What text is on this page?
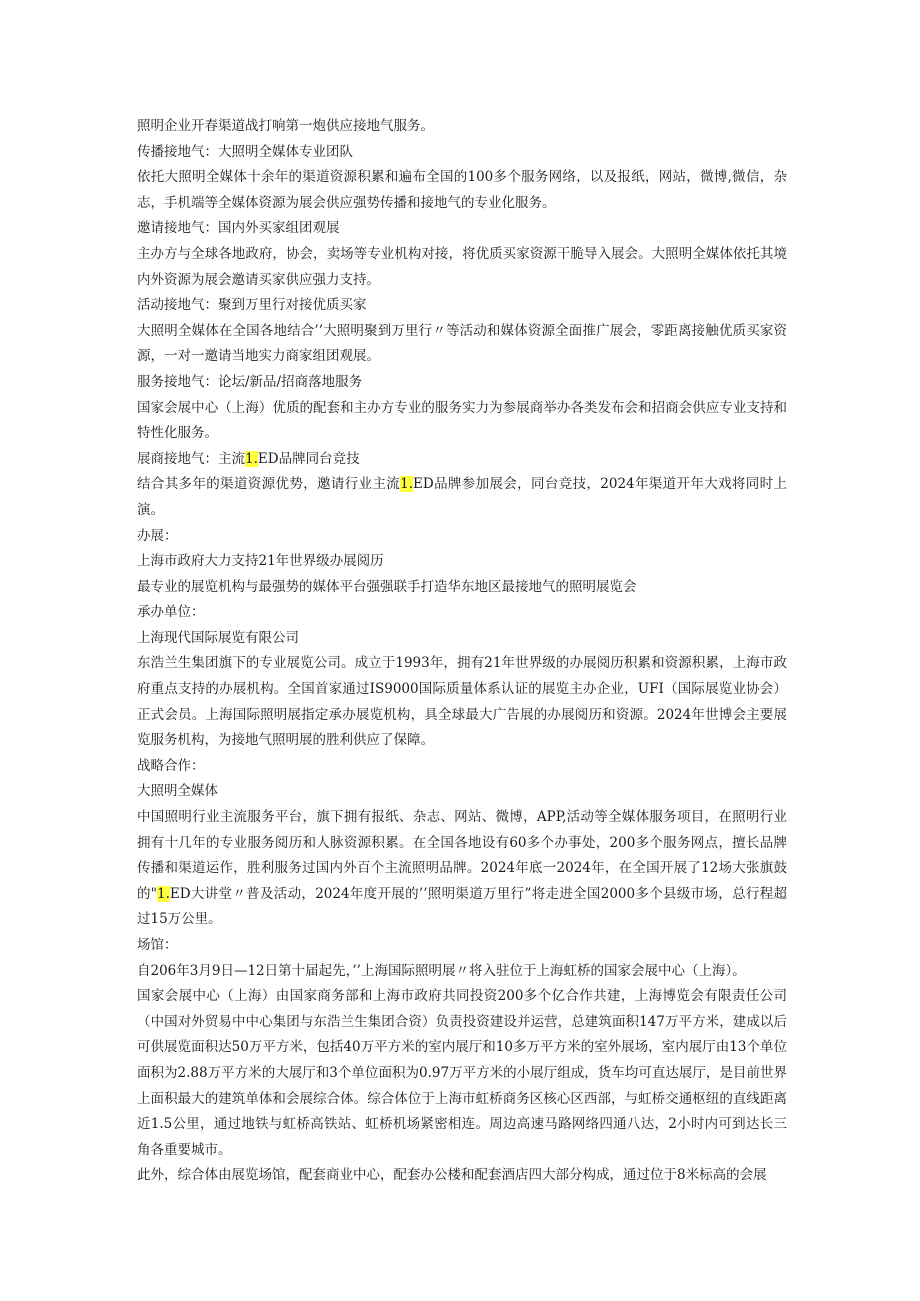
照明企业开春渠道战打响第一炮供应接地气服务。
传播接地气：大照明全媒体专业团队
依托大照明全媒体十余年的渠道资源积累和遍布全国的100多个服务网络，以及报纸，网站，微博,微信，杂志，手机端等全媒体资源为展会供应强势传播和接地气的专业化服务。
邀请接地气：国内外买家组团观展
主办方与全球各地政府，协会，卖场等专业机构对接，将优质买家资源干脆导入展会。大照明全媒体依托其境内外资源为展会邀请买家供应强力支持。
活动接地气：聚到万里行对接优质买家
大照明全媒体在全国各地结合’’大照明聚到万里行〃等活动和媒体资源全面推广展会，零距离接触优质买家资源，一对一邀请当地实力商家组团观展。
服务接地气：论坛/新品/招商落地服务
国家会展中心（上海）优质的配套和主办方专业的服务实力为参展商举办各类发布会和招商会供应专业支持和特性化服务。
展商接地气：主流1.ED品牌同台竞技
结合其多年的渠道资源优势，邀请行业主流1.ED品牌参加展会，同台竞技，2024年渠道开年大戏将同时上演。
办展：
上海市政府大力支持21年世界级办展阅历
最专业的展览机构与最强势的媒体平台强强联手打造华东地区最接地气的照明展览会
承办单位：
上海现代国际展览有限公司
东浩兰生集团旗下的专业展览公司。成立于1993年，拥有21年世界级的办展阅历积累和资源积累，上海市政府重点支持的办展机构。全国首家通过IS9000国际质量体系认证的展览主办企业，UFI（国际展览业协会）正式会员。上海国际照明展指定承办展览机构，具全球最大广告展的办展阅历和资源。2024年世博会主要展览服务机构，为接地气照明展的胜利供应了保障。
战略合作：
大照明全媒体
中国照明行业主流服务平台，旗下拥有报纸、杂志、网站、微博，APP,活动等全媒体服务项目，在照明行业拥有十几年的专业服务阅历和人脉资源积累。在全国各地设有60多个办事处，200多个服务网点，擅长品牌传播和渠道运作，胜利服务过国内外百个主流照明品牌。2024年底一2024年，在全国开展了12场大张旗鼓的"1.ED大讲堂〃普及活动，2024年度开展的’’照明渠道万里行”将走进全国2000多个县级市场，总行程超过15万公里。
场馆：
自206年3月9日—12日第十届起先，’’上海国际照明展〃将入驻位于上海虹桥的国家会展中心（上海）。
国家会展中心（上海）由国家商务部和上海市政府共同投资200多个亿合作共建，上海博览会有限责任公司（中国对外贸易中中心集团与东浩兰生集团合资）负责投资建设并运营，总建筑面积147万平方米，建成以后可供展览面积达50万平方米，包括40万平方米的室内展厅和10多万平方米的室外展场，室内展厅由13个单位面积为2.88万平方米的大展厅和3个单位面积为0.97万平方米的小展厅组成，货车均可直达展厅，是目前世界上面积最大的建筑单体和会展综合体。综合体位于上海市虹桥商务区核心区西部，与虹桥交通枢纽的直线距离近1.5公里，通过地铁与虹桥高铁站、虹桥机场紧密相连。周边高速马路网络四通八达，2小时内可到达长三角各重要城市。
此外，综合体由展览场馆，配套商业中心，配套办公楼和配套酒店四大部分构成，通过位于8米标高的会展
